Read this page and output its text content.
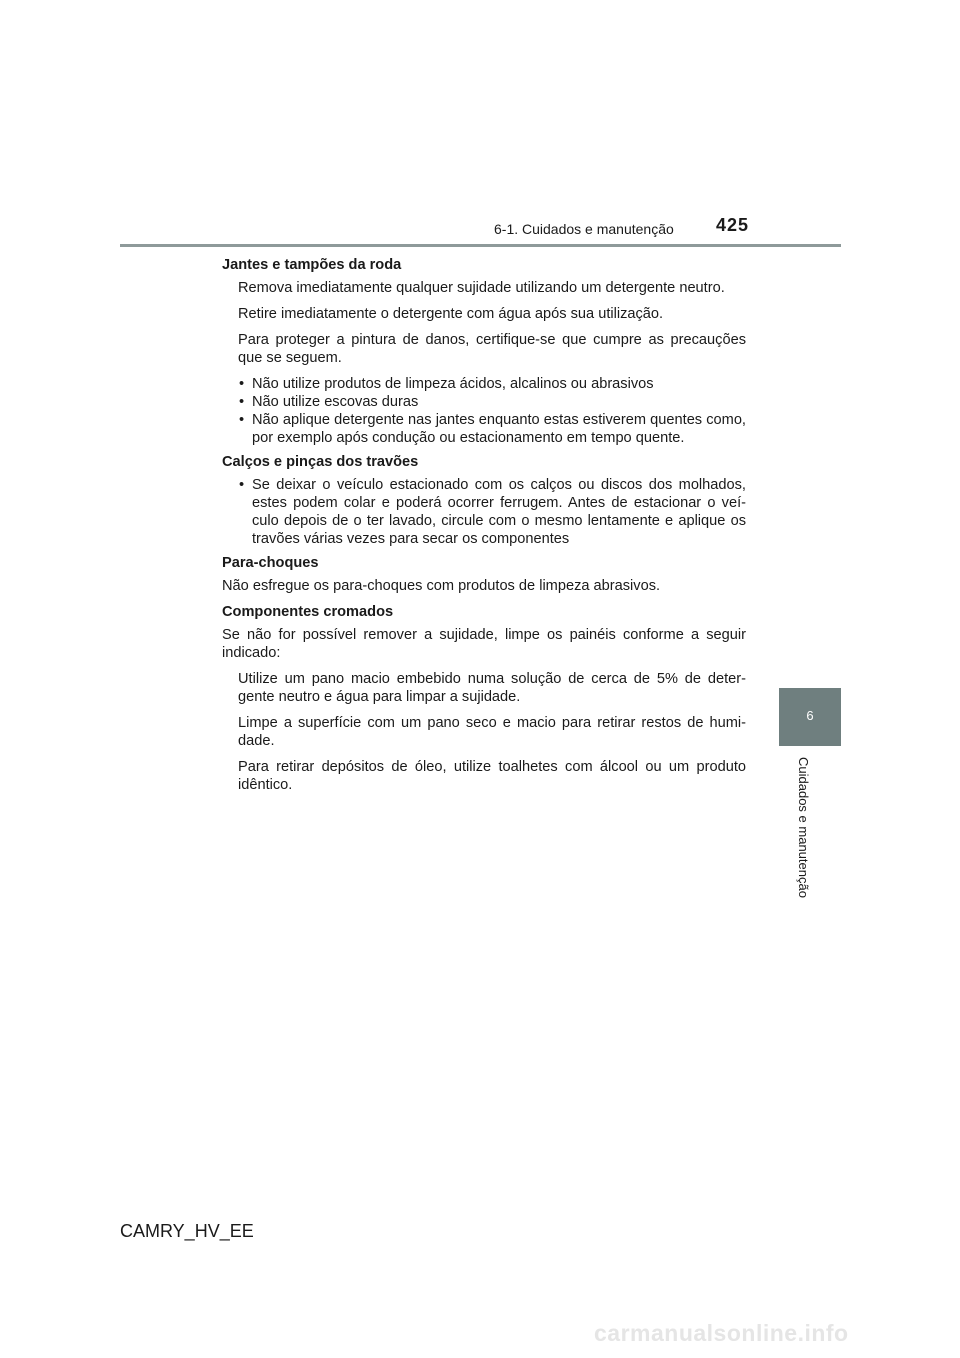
6-1. Cuidados e manutenção 425
6
Cuidados e manutenção
Jantes e tampões da roda
Remova imediatamente qualquer sujidade utilizando um detergente neutro.
Retire imediatamente o detergente com água após sua utilização.
Para proteger a pintura de danos, certifique-se que cumpre as precauções que se seguem.
• Não utilize produtos de limpeza ácidos, alcalinos ou abrasivos
• Não utilize escovas duras
• Não aplique detergente nas jantes enquanto estas estiverem quentes como, por exemplo após condução ou estacionamento em tempo quente.
Calços e pinças dos travões
• Se deixar o veículo estacionado com os calços ou discos dos molhados, estes podem colar e poderá ocorrer ferrugem. Antes de estacionar o veí-culo depois de o ter lavado, circule com o mesmo lentamente e aplique os travões várias vezes para secar os componentes
Para-choques
Não esfregue os para-choques com produtos de limpeza abrasivos.
Componentes cromados
Se não for possível remover a sujidade, limpe os painéis conforme a seguir indicado:
Utilize um pano macio embebido numa solução de cerca de 5% de deter-gente neutro e água para limpar a sujidade.
Limpe a superfície com um pano seco e macio para retirar restos de humi-dade.
Para retirar depósitos de óleo, utilize toalhetes com álcool ou um produto idêntico.
CAMRY_HV_EE
carmanualsonline.info
